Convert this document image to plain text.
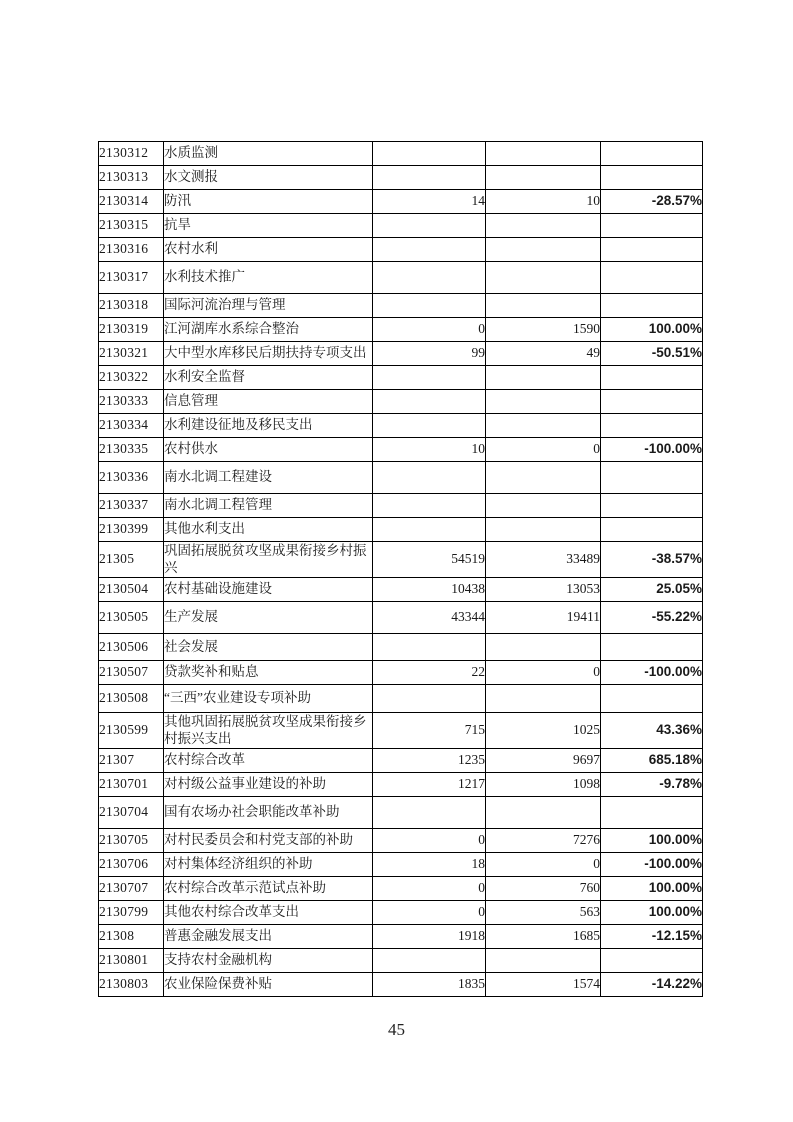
2130312	水质监测			
2130313	水文测报			
2130314	防汛	14	10	-28.57%
2130315	抗旱			
2130316	农村水利			
2130317	水利技术推广			
2130318	国际河流治理与管理			
2130319	江河湖库水系综合整治	0	1590	100.00%
2130321	大中型水库移民后期扶持专项支出	99	49	-50.51%
2130322	水利安全监督			
2130333	信息管理			
2130334	水利建设征地及移民支出			
2130335	农村供水	10	0	-100.00%
2130336	南水北调工程建设			
2130337	南水北调工程管理			
2130399	其他水利支出			
21305	巩固拓展脱贫攻坚成果衔接乡村振兴	54519	33489	-38.57%
2130504	农村基础设施建设	10438	13053	25.05%
2130505	生产发展	43344	19411	-55.22%
2130506	社会发展			
2130507	贷款奖补和贴息	22	0	-100.00%
2130508	“三西”农业建设专项补助			
2130599	其他巩固拓展脱贫攻坚成果衔接乡村振兴支出	715	1025	43.36%
21307	农村综合改革	1235	9697	685.18%
2130701	对村级公益事业建设的补助	1217	1098	-9.78%
2130704	国有农场办社会职能改革补助			
2130705	对村民委员会和村党支部的补助	0	7276	100.00%
2130706	对村集体经济组织的补助	18	0	-100.00%
2130707	农村综合改革示范试点补助	0	760	100.00%
2130799	其他农村综合改革支出	0	563	100.00%
21308	普惠金融发展支出	1918	1685	-12.15%
2130801	支持农村金融机构			
2130803	农业保险保费补贴	1835	1574	-14.22%
45
